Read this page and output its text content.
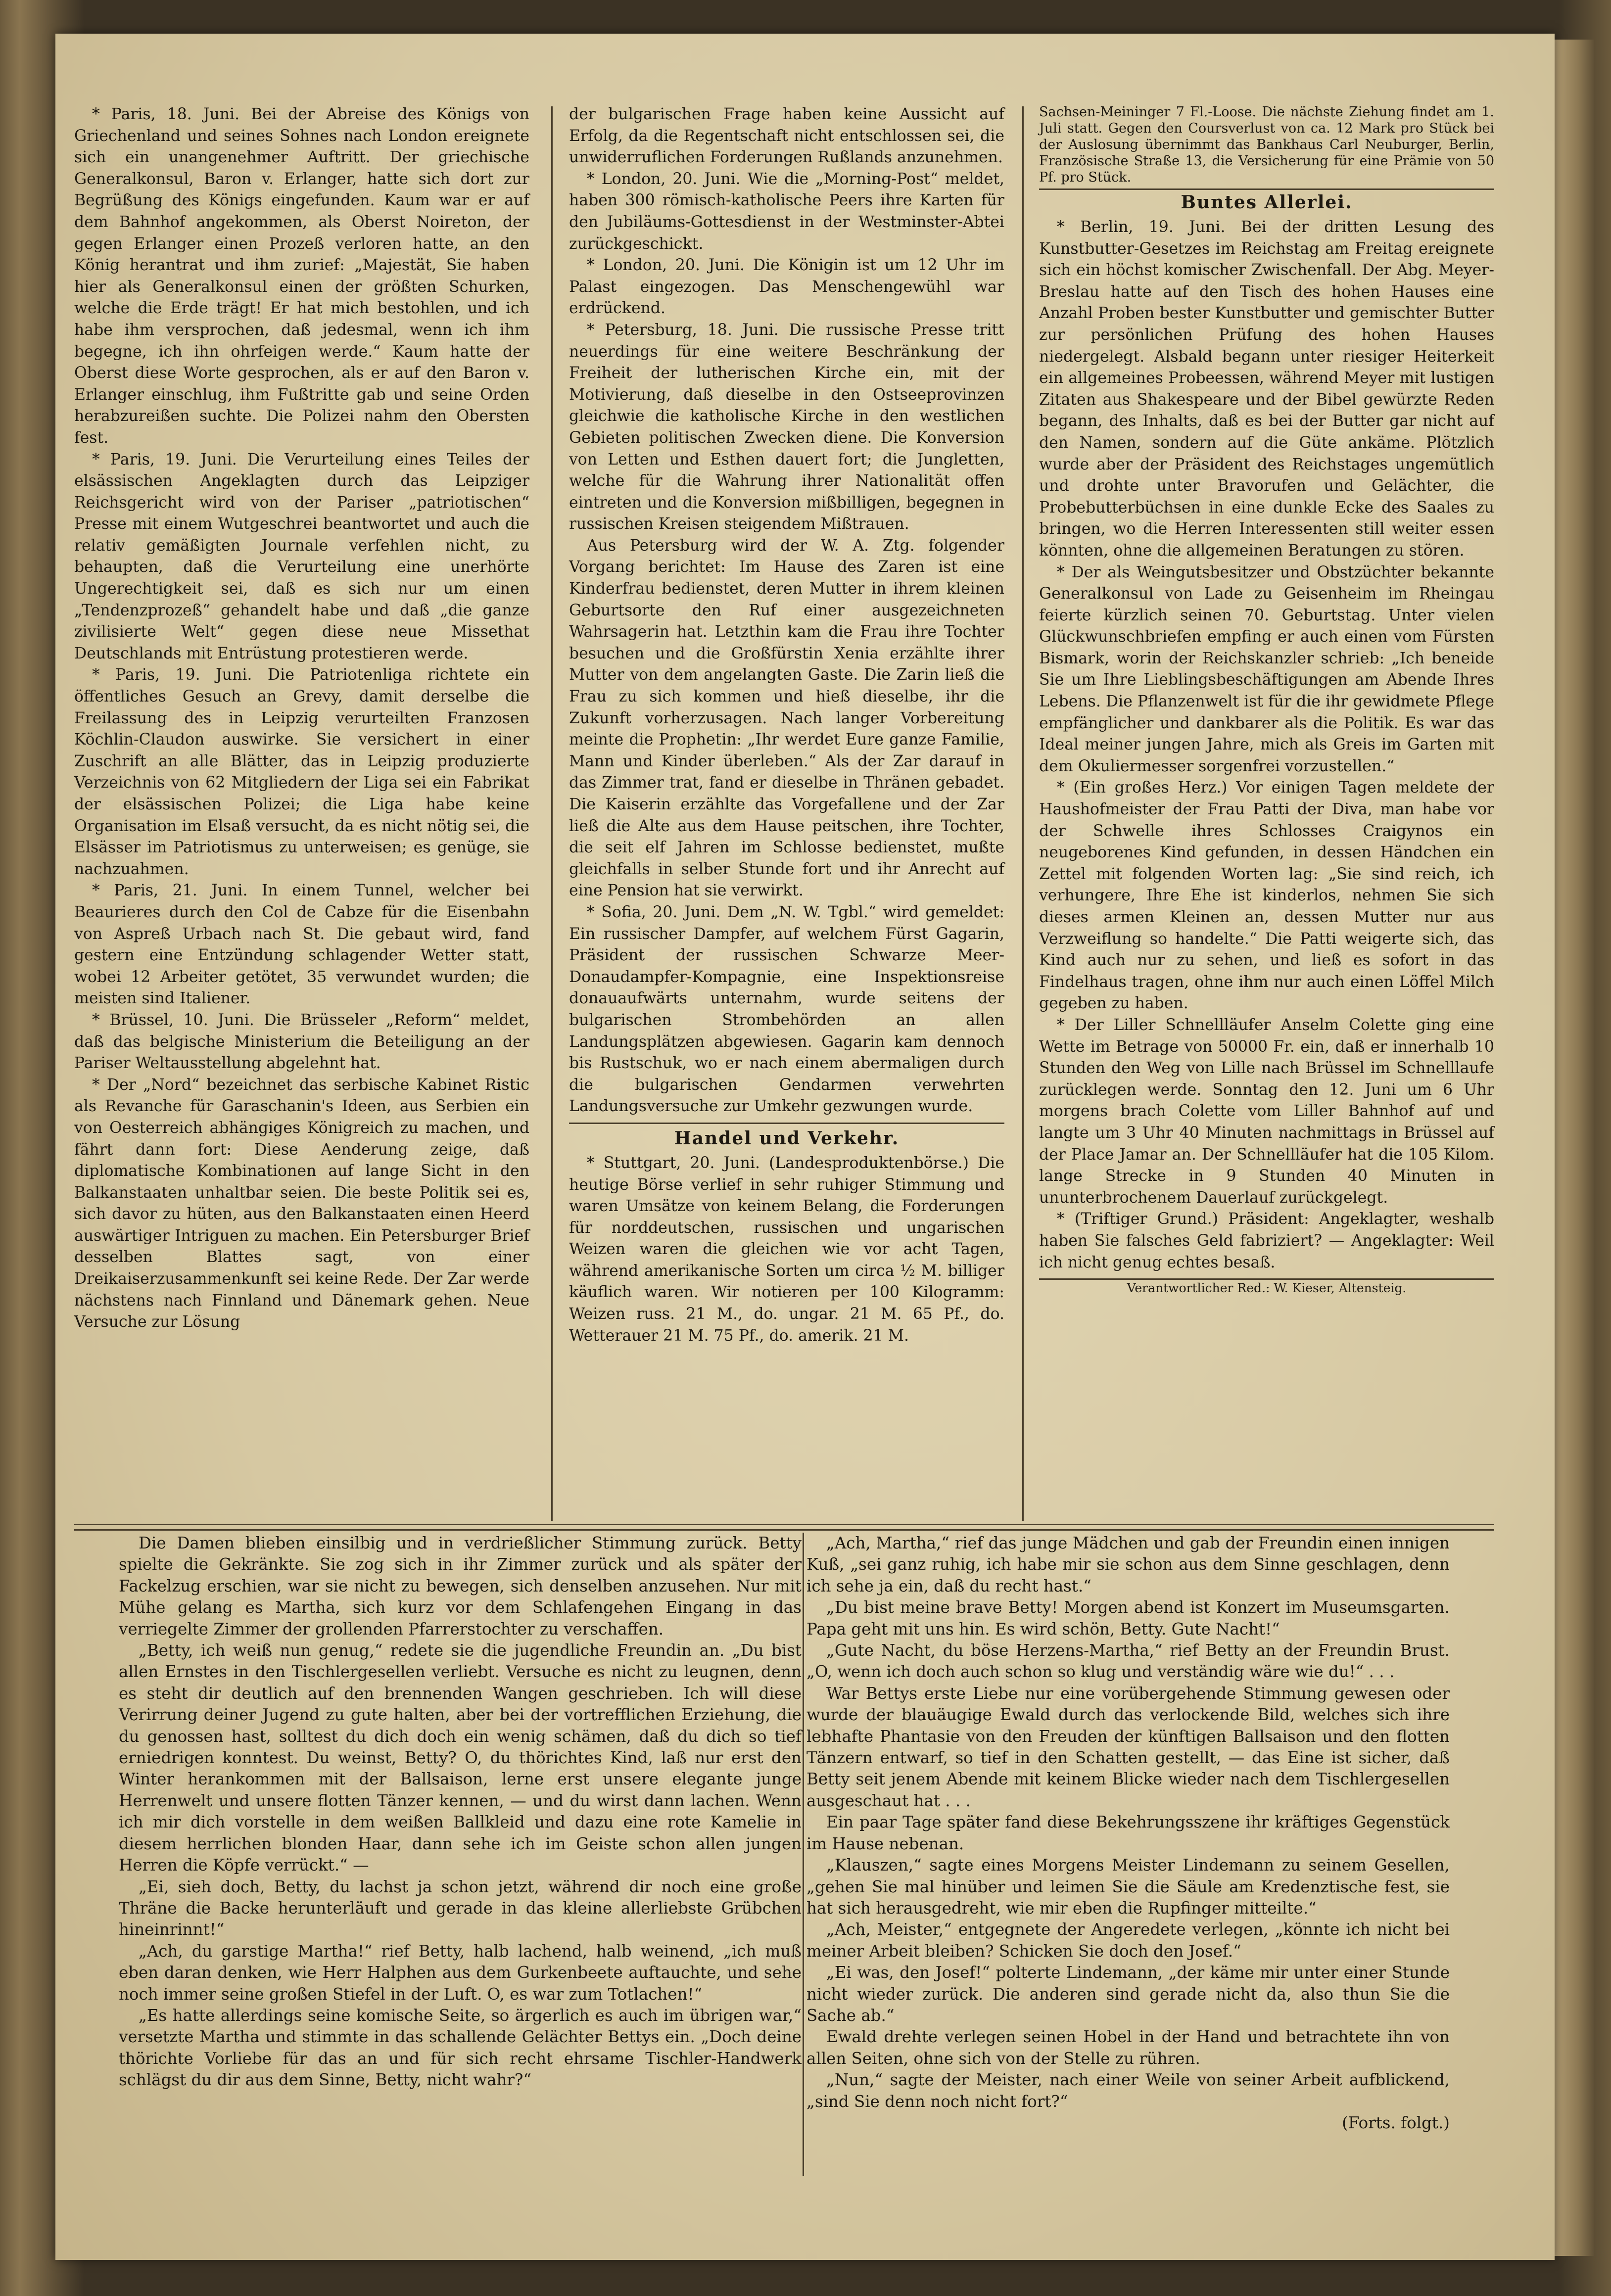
* Paris, 18. Juni. Bei der Abreise des Königs von Griechenland und seines Sohnes nach London ereignete sich ein unangenehmer Auftritt. Der griechische Generalkonsul, Baron v. Erlanger, hatte sich dort zur Begrüßung des Königs eingefunden. Kaum war er auf dem Bahnhof angekommen, als Oberst Noireton, der gegen Erlanger einen Prozeß verloren hatte, an den König herantrat und ihm zurief: „Majestät, Sie haben hier als Generalkonsul einen der größten Schurken, welche die Erde trägt! Er hat mich bestohlen, und ich habe ihm versprochen, daß jedesmal, wenn ich ihm begegne, ich ihn ohrfeigen werde.“ Kaum hatte der Oberst diese Worte gesprochen, als er auf den Baron v. Erlanger einschlug, ihm Fußtritte gab und seine Orden herabzureißen suchte. Die Polizei nahm den Obersten fest.

* Paris, 19. Juni. Die Verurteilung eines Teiles der elsässischen Angeklagten durch das Leipziger Reichsgericht wird von der Pariser „patriotischen“ Presse mit einem Wutgeschrei beantwortet und auch die relativ gemäßigten Journale verfehlen nicht, zu behaupten, daß die Verurteilung eine unerhörte Ungerechtigkeit sei, daß es sich nur um einen „Tendenzprozeß“ gehandelt habe und daß „die ganze zivilisierte Welt“ gegen diese neue Missethat Deutschlands mit Entrüstung protestieren werde.

* Paris, 19. Juni. Die Patriotenliga richtete ein öffentliches Gesuch an Grevy, damit derselbe die Freilassung des in Leipzig verurteilten Franzosen Köchlin-Claudon auswirke. Sie versichert in einer Zuschrift an alle Blätter, das in Leipzig produzierte Verzeichnis von 62 Mitgliedern der Liga sei ein Fabrikat der elsässischen Polizei; die Liga habe keine Organisation im Elsaß versucht, da es nicht nötig sei, die Elsässer im Patriotismus zu unterweisen; es genüge, sie nachzuahmen.

* Paris, 21. Juni. In einem Tunnel, welcher bei Beaurieres durch den Col de Cabze für die Eisenbahn von Aspreß Urbach nach St. Die gebaut wird, fand gestern eine Entzündung schlagender Wetter statt, wobei 12 Arbeiter getötet, 35 verwundet wurden; die meisten sind Italiener.

* Brüssel, 10. Juni. Die Brüsseler „Reform“ meldet, daß das belgische Ministerium die Beteiligung an der Pariser Weltausstellung abgelehnt hat.

* Der „Nord“ bezeichnet das serbische Kabinet Ristic als Revanche für Garaschanin's Ideen, aus Serbien ein von Oesterreich abhängiges Königreich zu machen, und fährt dann fort: Diese Aenderung zeige, daß diplomatische Kombinationen auf lange Sicht in den Balkanstaaten unhaltbar seien. Die beste Politik sei es, sich davor zu hüten, aus den Balkanstaaten einen Heerd auswärtiger Intriguen zu machen. Ein Petersburger Brief desselben Blattes sagt, von einer Dreikaiserzusammenkunft sei keine Rede. Der Zar werde nächstens nach Finnland und Dänemark gehen. Neue Versuche zur Lösung

der bulgarischen Frage haben keine Aussicht auf Erfolg, da die Regentschaft nicht entschlossen sei, die unwiderruflichen Forderungen Rußlands anzunehmen.

* London, 20. Juni. Wie die „Morning-Post“ meldet, haben 300 römisch-katholische Peers ihre Karten für den Jubiläums-Gottesdienst in der Westminster-Abtei zurückgeschickt.

* London, 20. Juni. Die Königin ist um 12 Uhr im Palast eingezogen. Das Menschengewühl war erdrückend.

* Petersburg, 18. Juni. Die russische Presse tritt neuerdings für eine weitere Beschränkung der Freiheit der lutherischen Kirche ein, mit der Motivierung, daß dieselbe in den Ostseeprovinzen gleichwie die katholische Kirche in den westlichen Gebieten politischen Zwecken diene. Die Konversion von Letten und Esthen dauert fort; die Jungletten, welche für die Wahrung ihrer Nationalität offen eintreten und die Konversion mißbilligen, begegnen in russischen Kreisen steigendem Mißtrauen.

Aus Petersburg wird der W. A. Ztg. folgender Vorgang berichtet: Im Hause des Zaren ist eine Kinderfrau bedienstet, deren Mutter in ihrem kleinen Geburtsorte den Ruf einer ausgezeichneten Wahrsagerin hat. Letzthin kam die Frau ihre Tochter besuchen und die Großfürstin Xenia erzählte ihrer Mutter von dem angelangten Gaste. Die Zarin ließ die Frau zu sich kommen und hieß dieselbe, ihr die Zukunft vorherzusagen. Nach langer Vorbereitung meinte die Prophetin: „Ihr werdet Eure ganze Familie, Mann und Kinder überleben.“ Als der Zar darauf in das Zimmer trat, fand er dieselbe in Thränen gebadet. Die Kaiserin erzählte das Vorgefallene und der Zar ließ die Alte aus dem Hause peitschen, ihre Tochter, die seit elf Jahren im Schlosse bedienstet, mußte gleichfalls in selber Stunde fort und ihr Anrecht auf eine Pension hat sie verwirkt.

* Sofia, 20. Juni. Dem „N. W. Tgbl.“ wird gemeldet: Ein russischer Dampfer, auf welchem Fürst Gagarin, Präsident der russischen Schwarze Meer-Donaudampfer-Kompagnie, eine Inspektionsreise donauaufwärts unternahm, wurde seitens der bulgarischen Strombehörden an allen Landungsplätzen abgewiesen. Gagarin kam dennoch bis Rustschuk, wo er nach einem abermaligen durch die bulgarischen Gendarmen verwehrten Landungsversuche zur Umkehr gezwungen wurde.

Handel und Verkehr.

* Stuttgart, 20. Juni. (Landesproduktenbörse.) Die heutige Börse verlief in sehr ruhiger Stimmung und waren Umsätze von keinem Belang, die Forderungen für norddeutschen, russischen und ungarischen Weizen waren die gleichen wie vor acht Tagen, während amerikanische Sorten um circa ½ M. billiger käuflich waren. Wir notieren per 100 Kilogramm: Weizen russ. 21 M., do. ungar. 21 M. 65 Pf., do. Wetterauer 21 M. 75 Pf., do. amerik. 21 M.

Sachsen-Meininger 7 Fl.-Loose. Die nächste Ziehung findet am 1. Juli statt. Gegen den Coursverlust von ca. 12 Mark pro Stück bei der Auslosung übernimmt das Bankhaus Carl Neuburger, Berlin, Französische Straße 13, die Versicherung für eine Prämie von 50 Pf. pro Stück.

Buntes Allerlei.

* Berlin, 19. Juni. Bei der dritten Lesung des Kunstbutter-Gesetzes im Reichstag am Freitag ereignete sich ein höchst komischer Zwischenfall. Der Abg. Meyer-Breslau hatte auf den Tisch des hohen Hauses eine Anzahl Proben bester Kunstbutter und gemischter Butter zur persönlichen Prüfung des hohen Hauses niedergelegt. Alsbald begann unter riesiger Heiterkeit ein allgemeines Probeessen, während Meyer mit lustigen Zitaten aus Shakespeare und der Bibel gewürzte Reden begann, des Inhalts, daß es bei der Butter gar nicht auf den Namen, sondern auf die Güte ankäme. Plötzlich wurde aber der Präsident des Reichstages ungemütlich und drohte unter Bravorufen und Gelächter, die Probebutterbüchsen in eine dunkle Ecke des Saales zu bringen, wo die Herren Interessenten still weiter essen könnten, ohne die allgemeinen Beratungen zu stören.

* Der als Weingutsbesitzer und Obstzüchter bekannte Generalkonsul von Lade zu Geisenheim im Rheingau feierte kürzlich seinen 70. Geburtstag. Unter vielen Glückwunschbriefen empfing er auch einen vom Fürsten Bismark, worin der Reichskanzler schrieb: „Ich beneide Sie um Ihre Lieblingsbeschäftigungen am Abende Ihres Lebens. Die Pflanzenwelt ist für die ihr gewidmete Pflege empfänglicher und dankbarer als die Politik. Es war das Ideal meiner jungen Jahre, mich als Greis im Garten mit dem Okuliermesser sorgenfrei vorzustellen.“

* (Ein großes Herz.) Vor einigen Tagen meldete der Haushofmeister der Frau Patti der Diva, man habe vor der Schwelle ihres Schlosses Craigynos ein neugeborenes Kind gefunden, in dessen Händchen ein Zettel mit folgenden Worten lag: „Sie sind reich, ich verhungere, Ihre Ehe ist kinderlos, nehmen Sie sich dieses armen Kleinen an, dessen Mutter nur aus Verzweiflung so handelte.“ Die Patti weigerte sich, das Kind auch nur zu sehen, und ließ es sofort in das Findelhaus tragen, ohne ihm nur auch einen Löffel Milch gegeben zu haben.

* Der Liller Schnellläufer Anselm Colette ging eine Wette im Betrage von 50000 Fr. ein, daß er innerhalb 10 Stunden den Weg von Lille nach Brüssel im Schnelllaufe zurücklegen werde. Sonntag den 12. Juni um 6 Uhr morgens brach Colette vom Liller Bahnhof auf und langte um 3 Uhr 40 Minuten nachmittags in Brüssel auf der Place Jamar an. Der Schnellläufer hat die 105 Kilom. lange Strecke in 9 Stunden 40 Minuten in ununterbrochenem Dauerlauf zurückgelegt.

* (Triftiger Grund.) Präsident: Angeklagter, weshalb haben Sie falsches Geld fabriziert? — Angeklagter: Weil ich nicht genug echtes besaß.

Verantwortlicher Red.: W. Kieser, Altensteig.

Die Damen blieben einsilbig und in verdrießlicher Stimmung zurück. Betty spielte die Gekränkte. Sie zog sich in ihr Zimmer zurück und als später der Fackelzug erschien, war sie nicht zu bewegen, sich denselben anzusehen. Nur mit Mühe gelang es Martha, sich kurz vor dem Schlafengehen Eingang in das verriegelte Zimmer der grollenden Pfarrerstochter zu verschaffen.

„Betty, ich weiß nun genug,“ redete sie die jugendliche Freundin an. „Du bist allen Ernstes in den Tischlergesellen verliebt. Versuche es nicht zu leugnen, denn es steht dir deutlich auf den brennenden Wangen geschrieben. Ich will diese Verirrung deiner Jugend zu gute halten, aber bei der vortrefflichen Erziehung, die du genossen hast, solltest du dich doch ein wenig schämen, daß du dich so tief erniedrigen konntest. Du weinst, Betty? O, du thörichtes Kind, laß nur erst den Winter herankommen mit der Ballsaison, lerne erst unsere elegante junge Herrenwelt und unsere flotten Tänzer kennen, — und du wirst dann lachen. Wenn ich mir dich vorstelle in dem weißen Ballkleid und dazu eine rote Kamelie in diesem herrlichen blonden Haar, dann sehe ich im Geiste schon allen jungen Herren die Köpfe verrückt.“ —

„Ei, sieh doch, Betty, du lachst ja schon jetzt, während dir noch eine große Thräne die Backe herunterläuft und gerade in das kleine allerliebste Grübchen hineinrinnt!“

„Ach, du garstige Martha!“ rief Betty, halb lachend, halb weinend, „ich muß eben daran denken, wie Herr Halphen aus dem Gurkenbeete auftauchte, und sehe noch immer seine großen Stiefel in der Luft. O, es war zum Totlachen!“

„Es hatte allerdings seine komische Seite, so ärgerlich es auch im übrigen war,“ versetzte Martha und stimmte in das schallende Gelächter Bettys ein. „Doch deine thörichte Vorliebe für das an und für sich recht ehrsame Tischler-Handwerk schlägst du dir aus dem Sinne, Betty, nicht wahr?“

„Ach, Martha,“ rief das junge Mädchen und gab der Freundin einen innigen Kuß, „sei ganz ruhig, ich habe mir sie schon aus dem Sinne geschlagen, denn ich sehe ja ein, daß du recht hast.“

„Du bist meine brave Betty! Morgen abend ist Konzert im Museumsgarten. Papa geht mit uns hin. Es wird schön, Betty. Gute Nacht!“

„Gute Nacht, du böse Herzens-Martha,“ rief Betty an der Freundin Brust. „O, wenn ich doch auch schon so klug und verständig wäre wie du!“ . . .

War Bettys erste Liebe nur eine vorübergehende Stimmung gewesen oder wurde der blauäugige Ewald durch das verlockende Bild, welches sich ihre lebhafte Phantasie von den Freuden der künftigen Ballsaison und den flotten Tänzern entwarf, so tief in den Schatten gestellt, — das Eine ist sicher, daß Betty seit jenem Abende mit keinem Blicke wieder nach dem Tischlergesellen ausgeschaut hat . . .

Ein paar Tage später fand diese Bekehrungsszene ihr kräftiges Gegenstück im Hause nebenan.

„Klauszen,“ sagte eines Morgens Meister Lindemann zu seinem Gesellen, „gehen Sie mal hinüber und leimen Sie die Säule am Kredenztische fest, sie hat sich herausgedreht, wie mir eben die Rupfinger mitteilte.“

„Ach, Meister,“ entgegnete der Angeredete verlegen, „könnte ich nicht bei meiner Arbeit bleiben? Schicken Sie doch den Josef.“

„Ei was, den Josef!“ polterte Lindemann, „der käme mir unter einer Stunde nicht wieder zurück. Die anderen sind gerade nicht da, also thun Sie die Sache ab.“

Ewald drehte verlegen seinen Hobel in der Hand und betrachtete ihn von allen Seiten, ohne sich von der Stelle zu rühren.

„Nun,“ sagte der Meister, nach einer Weile von seiner Arbeit aufblickend, „sind Sie denn noch nicht fort?“

(Forts. folgt.)
